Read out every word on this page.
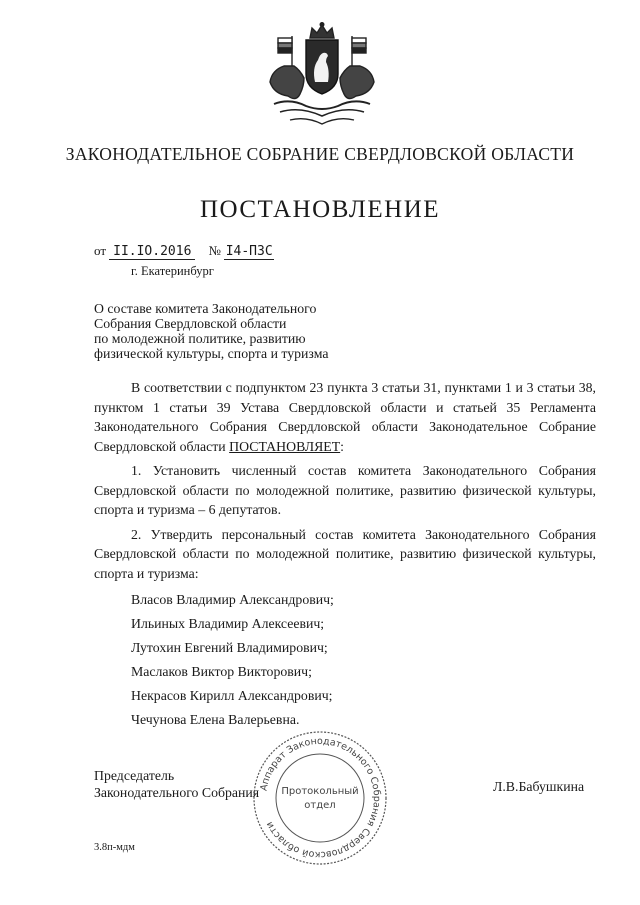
ЗАКОНОДАТЕЛЬНОЕ СОБРАНИЕ СВЕРДЛОВСКОЙ ОБЛАСТИ
ПОСТАНОВЛЕНИЕ
от II.IO.2016 № I4-ПЗС
г. Екатеринбург
О составе комитета Законодательного
Собрания Свердловской области
по молодежной политике, развитию
физической культуры, спорта и туризма

В соответствии с подпунктом 23 пункта 3 статьи 31, пунктами 1 и 3 статьи 38, пунктом 1 статьи 39 Устава Свердловской области и статьей 35 Регламента Законодательного Собрания Свердловской области Законодательное Собрание Свердловской области ПОСТАНОВЛЯЕТ:

1. Установить численный состав комитета Законодательного Собрания Свердловской области по молодежной политике, развитию физической культуры, спорта и туризма – 6 депутатов.

2. Утвердить персональный состав комитета Законодательного Собрания Свердловской области по молодежной политике, развитию физической культуры, спорта и туризма:

Власов Владимир Александрович;
Ильиных Владимир Алексеевич;
Лутохин Евгений Владимирович;
Маслаков Виктор Викторович;
Некрасов Кирилл Александрович;
Чечунова Елена Валерьевна.
Председатель
Законодательного Собрания	Л.В.Бабушкина
Аппарат Законодательного Собрания Свердловской области
Протокольный
отдел
3.8п-мдм
